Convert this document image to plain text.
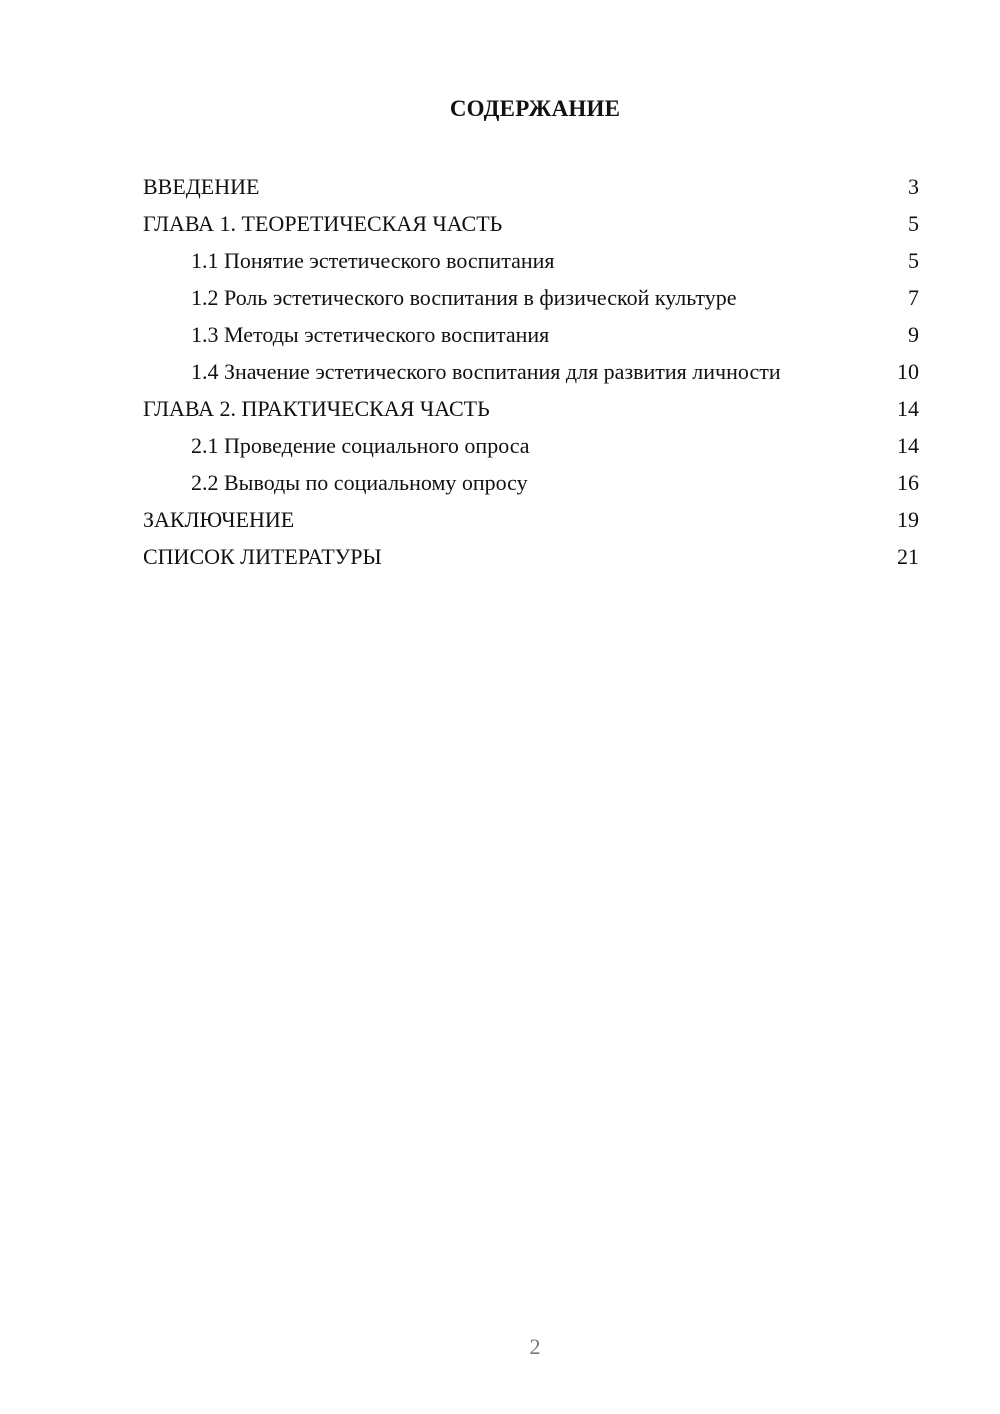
СОДЕРЖАНИЕ
ВВЕДЕНИЕ	3
ГЛАВА 1. ТЕОРЕТИЧЕСКАЯ ЧАСТЬ	5
1.1 Понятие эстетического воспитания	5
1.2 Роль эстетического воспитания в физической культуре	7
1.3 Методы эстетического воспитания	9
1.4 Значение эстетического воспитания для развития личности	10
ГЛАВА 2. ПРАКТИЧЕСКАЯ ЧАСТЬ	14
2.1 Проведение социального опроса	14
2.2 Выводы по социальному опросу	16
ЗАКЛЮЧЕНИЕ	19
СПИСОК ЛИТЕРАТУРЫ	21
2
